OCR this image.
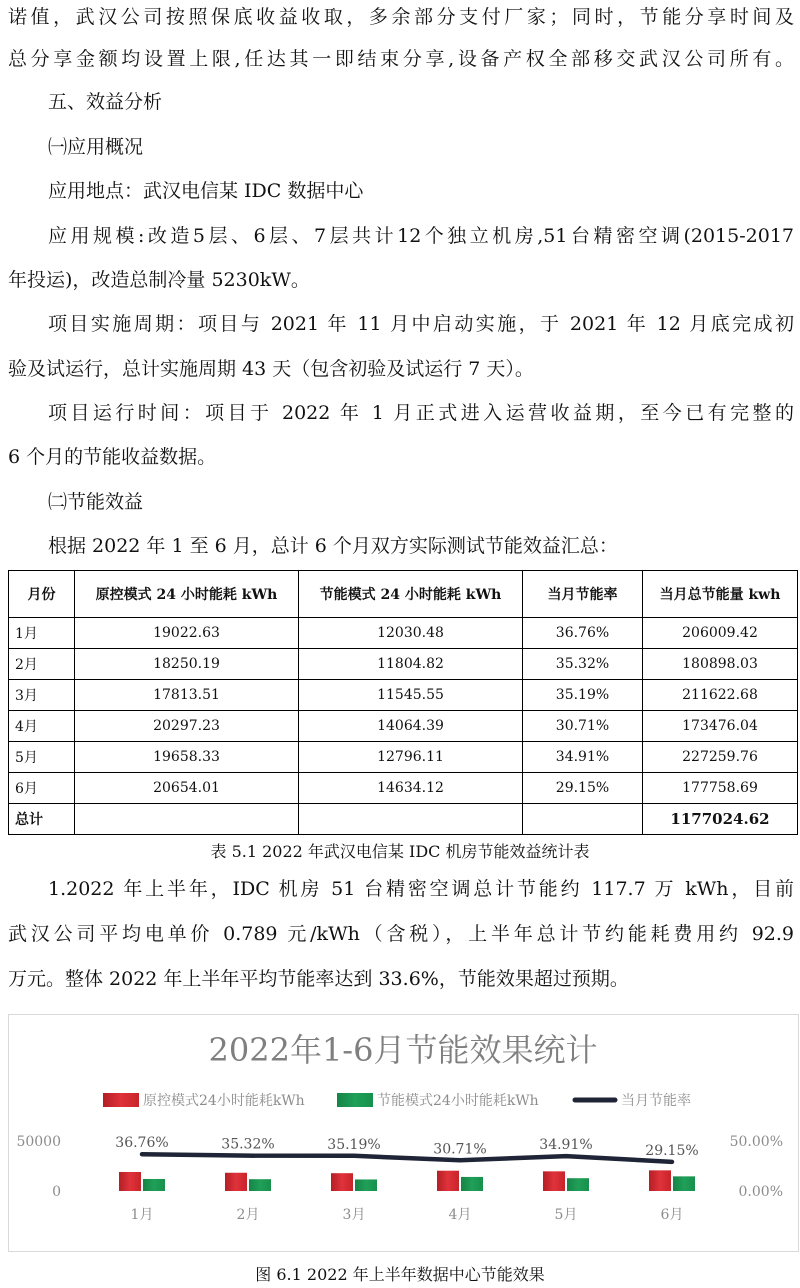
诺值，武汉公司按照保底收益收取，多余部分支付厂家；同时，节能分享时间及
总分享金额均设置上限,任达其一即结束分享,设备产权全部移交武汉公司所有。
五、效益分析
㈠应用概况
应用地点：武汉电信某 IDC 数据中心
应用规模:改造5层、6层、7层共计12个独立机房,51台精密空调(2015-2017
年投运)，改造总制冷量 5230kW。
项目实施周期：项目与 2021 年 11 月中启动实施，于 2021 年 12 月底完成初
验及试运行，总计实施周期 43 天（包含初验及试运行 7 天）。
项目运行时间：项目于 2022 年 1 月正式进入运营收益期，至今已有完整的
6 个月的节能收益数据。
㈡节能效益
根据 2022 年 1 至 6 月，总计 6 个月双方实际测试节能效益汇总：
月份	原控模式 24 小时能耗 kWh	节能模式 24 小时能耗 kWh	当月节能率	当月总节能量 kwh
1月	19022.63	12030.48	36.76%	206009.42
2月	18250.19	11804.82	35.32%	180898.03
3月	17813.51	11545.55	35.19%	211622.68
4月	20297.23	14064.39	30.71%	173476.04
5月	19658.33	12796.11	34.91%	227259.76
6月	20654.01	14634.12	29.15%	177758.69
总计				1177024.62
表 5.1 2022 年武汉电信某 IDC 机房节能效益统计表
1.2022 年上半年，IDC 机房 51 台精密空调总计节能约 117.7 万 kWh，目前
武汉公司平均电单价 0.789 元/kWh（含税），上半年总计节约能耗费用约 92.9
万元。整体 2022 年上半年平均节能率达到 33.6%，节能效果超过预期。
2022年1-6月节能效果统计
原控模式24小时能耗kWh	节能模式24小时能耗kWh	当月节能率
50000
0
50.00%
0.00%
1月	2月	3月	4月	5月	6月
36.76%	35.32%	35.19%	30.71%	34.91%	29.15%
图 6.1 2022 年上半年数据中心节能效果
